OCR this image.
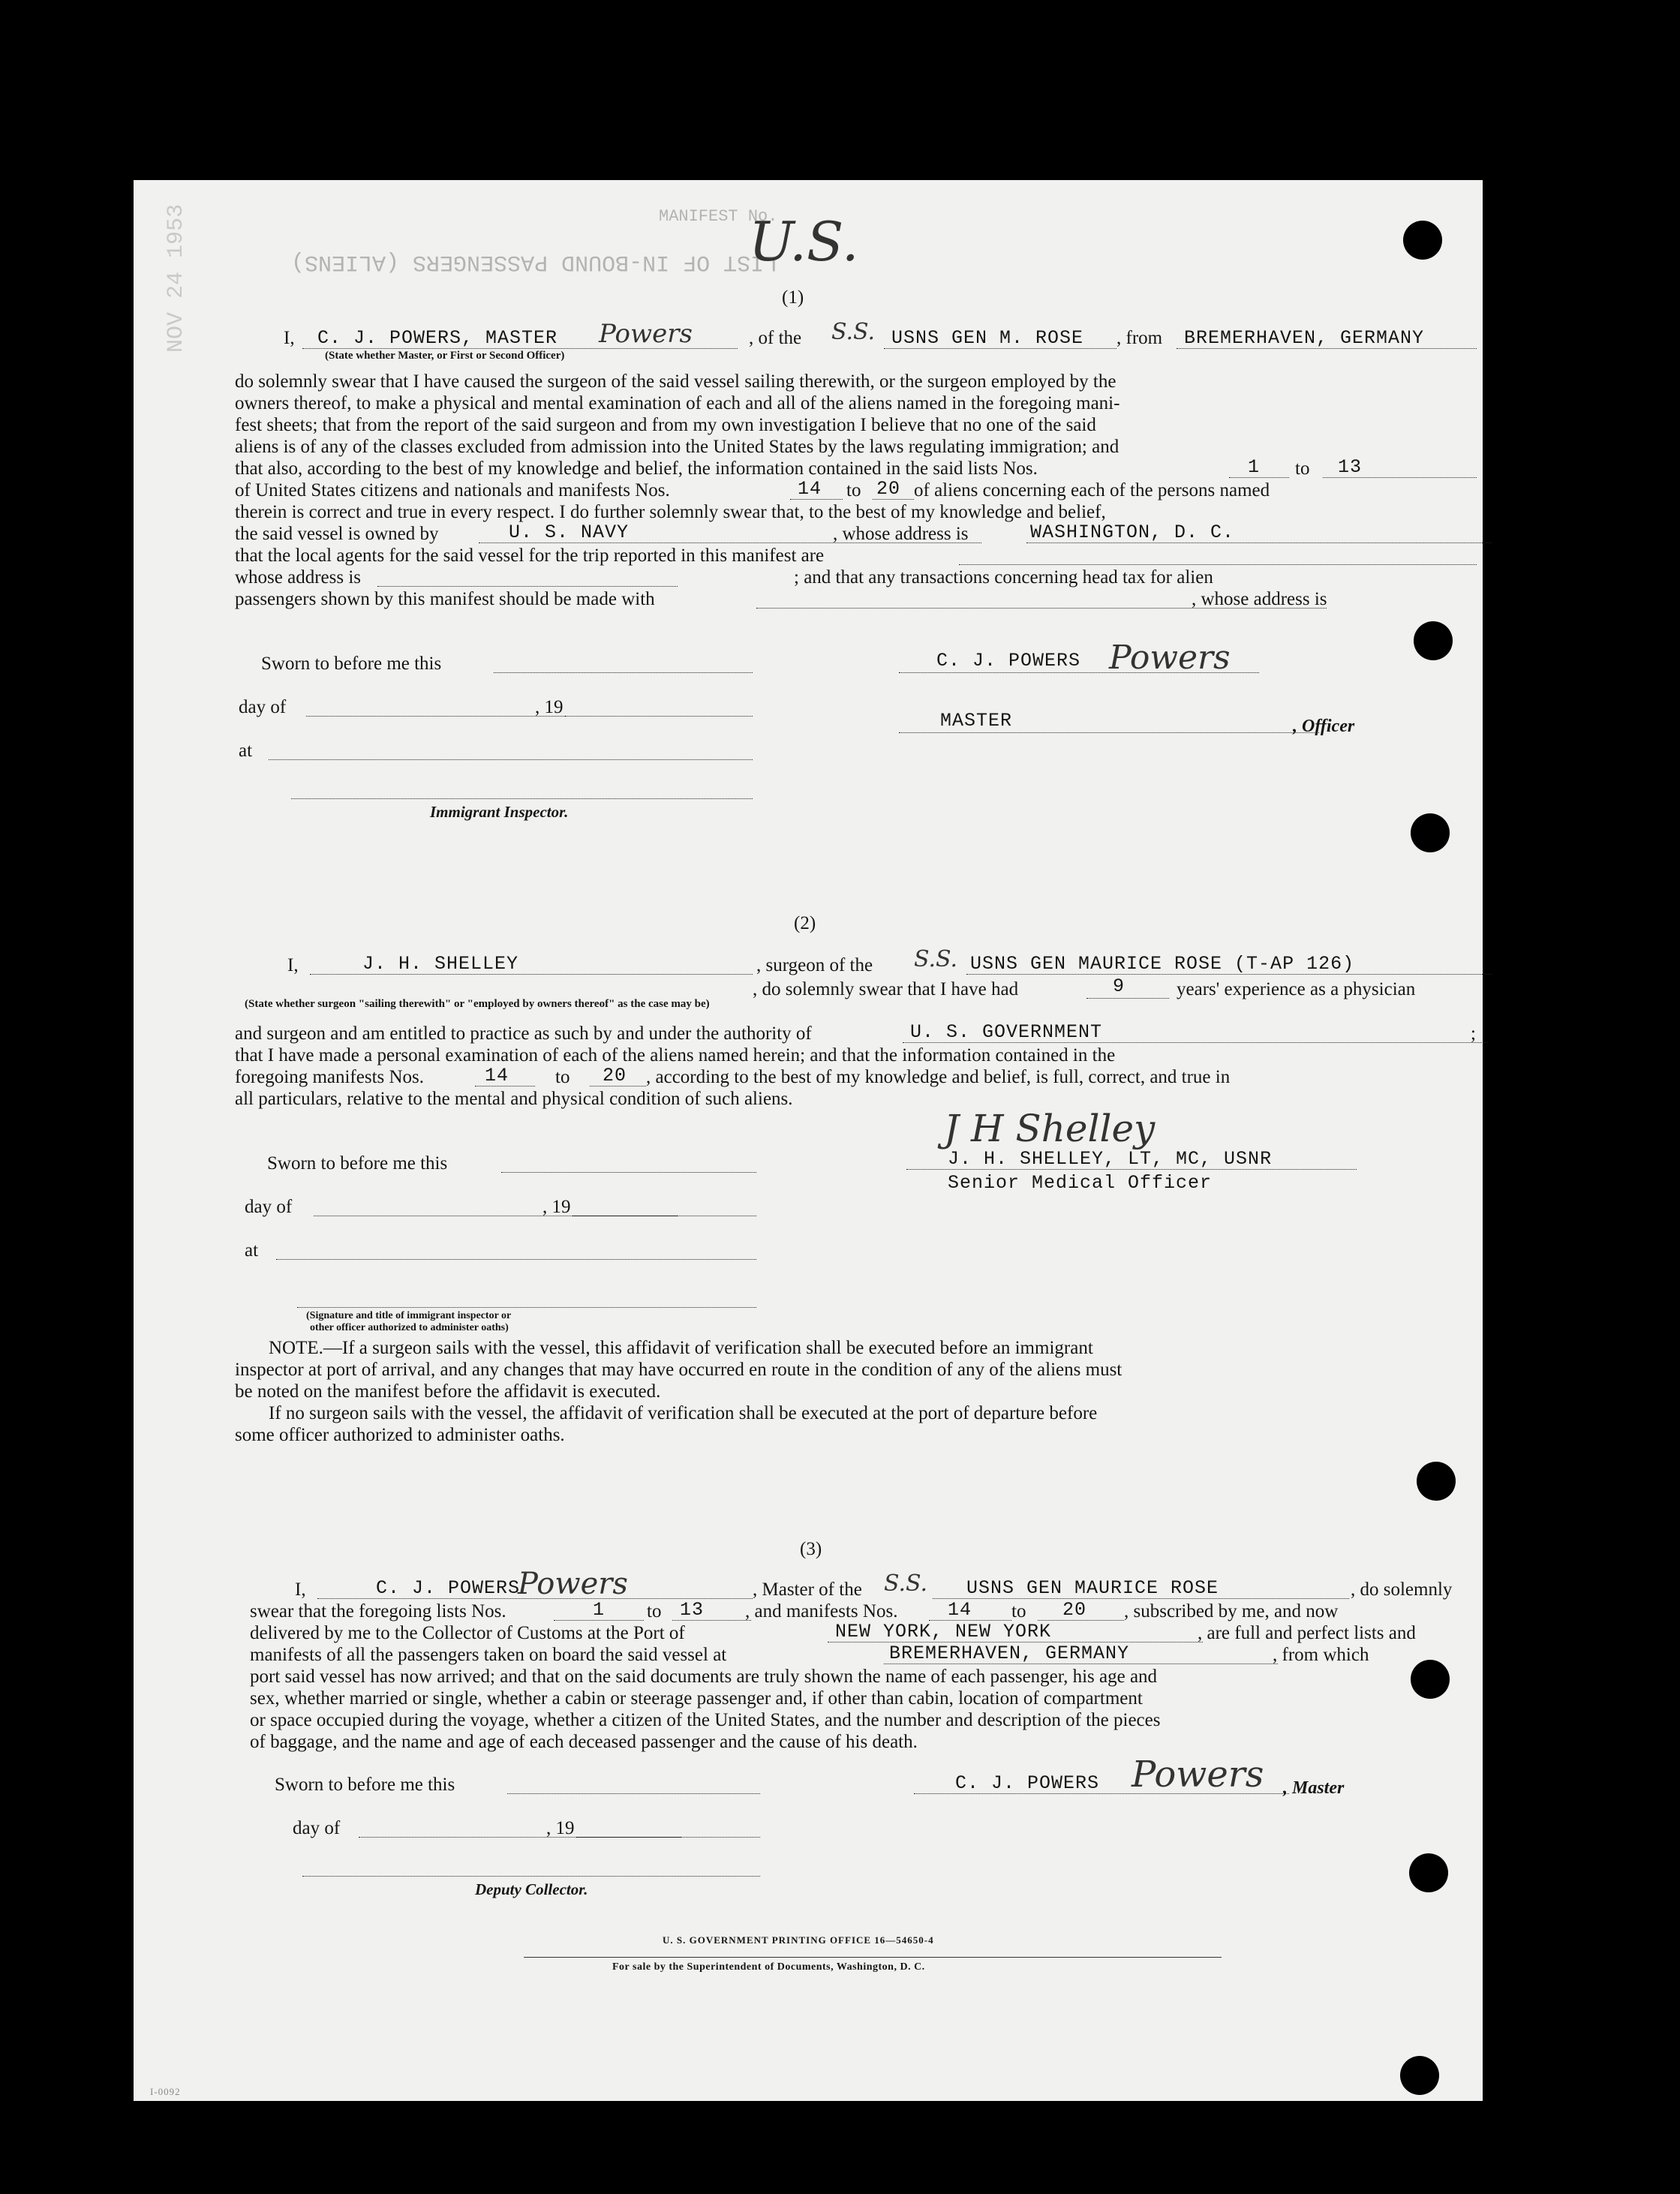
MANIFEST No.
LIST OF IN-BOUND PASSENGERS (ALIENS)
NOV 24 1953	U.S.
(1)
I, C. J. POWERS, MASTER Powers	, of the S.S. USNS GEN M. ROSE , from BREMERHAVEN, GERMANY
(State whether Master, or First or Second Officer)
do solemnly swear that I have caused the surgeon of the said vessel sailing therewith, or the surgeon employed by the
owners thereof, to make a physical and mental examination of each and all of the aliens named in the foregoing mani-
fest sheets; that from the report of the said surgeon and from my own investigation I believe that no one of the said
aliens is of any of the classes excluded from admission into the United States by the laws regulating immigration; and
that also, according to the best of my knowledge and belief, the information contained in the said lists Nos.	1 to 13
of United States citizens and nationals and manifests Nos.	14 to 20 of aliens concerning each of the persons named
therein is correct and true in every respect. I do further solemnly swear that, to the best of my knowledge and belief,
the said vessel is owned by	U. S. NAVY	, whose address is	WASHINGTON, D. C.
that the local agents for the said vessel for the trip reported in this manifest are
whose address is	; and that any transactions concerning head tax for alien
passengers shown by this manifest should be made with	, whose address is
Sworn to before me this
day of	, 19
at
Immigrant Inspector.
C. J. POWERS Powers
MASTER	, Officer
(2)
I,	J. H. SHELLEY	, surgeon of the S.S. USNS GEN MAURICE ROSE (T-AP 126)
(State whether surgeon "sailing therewith" or "employed by owners thereof" as the case may be)
, do solemnly swear that I have had	9	years' experience as a physician
and surgeon and am entitled to practice as such by and under the authority of	U. S. GOVERNMENT	;
that I have made a personal examination of each of the aliens named herein; and that the information contained in the
foregoing manifests Nos.	14 to 20 , according to the best of my knowledge and belief, is full, correct, and true in
all particulars, relative to the mental and physical condition of such aliens.
J H Shelley
Sworn to before me this
day of	, 19
at
(Signature and title of immigrant inspector or
other officer authorized to administer oaths)
J. H. SHELLEY, LT, MC, USNR
Senior Medical Officer
NOTE.—If a surgeon sails with the vessel, this affidavit of verification shall be executed before an immigrant
inspector at port of arrival, and any changes that may have occurred en route in the condition of any of the aliens must
be noted on the manifest before the affidavit is executed.
If no surgeon sails with the vessel, the affidavit of verification shall be executed at the port of departure before
some officer authorized to administer oaths.
(3)
I,	C. J. POWERS
Powers	, Master of the S.S. USNS GEN MAURICE ROSE	, do solemnly
swear that the foregoing lists Nos.	1 to 13 , and manifests Nos.	14 to 20 , subscribed by me, and now
delivered by me to the Collector of Customs at the Port of	NEW YORK, NEW YORK	, are full and perfect lists and
manifests of all the passengers taken on board the said vessel at	BREMERHAVEN, GERMANY	, from which
port said vessel has now arrived; and that on the said documents are truly shown the name of each passenger, his age and
sex, whether married or single, whether a cabin or steerage passenger and, if other than cabin, location of compartment
or space occupied during the voyage, whether a citizen of the United States, and the number and description of the pieces
of baggage, and the name and age of each deceased passenger and the cause of his death.
Sworn to before me this
day of	, 19
Deputy Collector.
C. J. POWERS Powers , Master
U. S. GOVERNMENT PRINTING OFFICE 16—54650-4
For sale by the Superintendent of Documents, Washington, D. C.
I-0092
